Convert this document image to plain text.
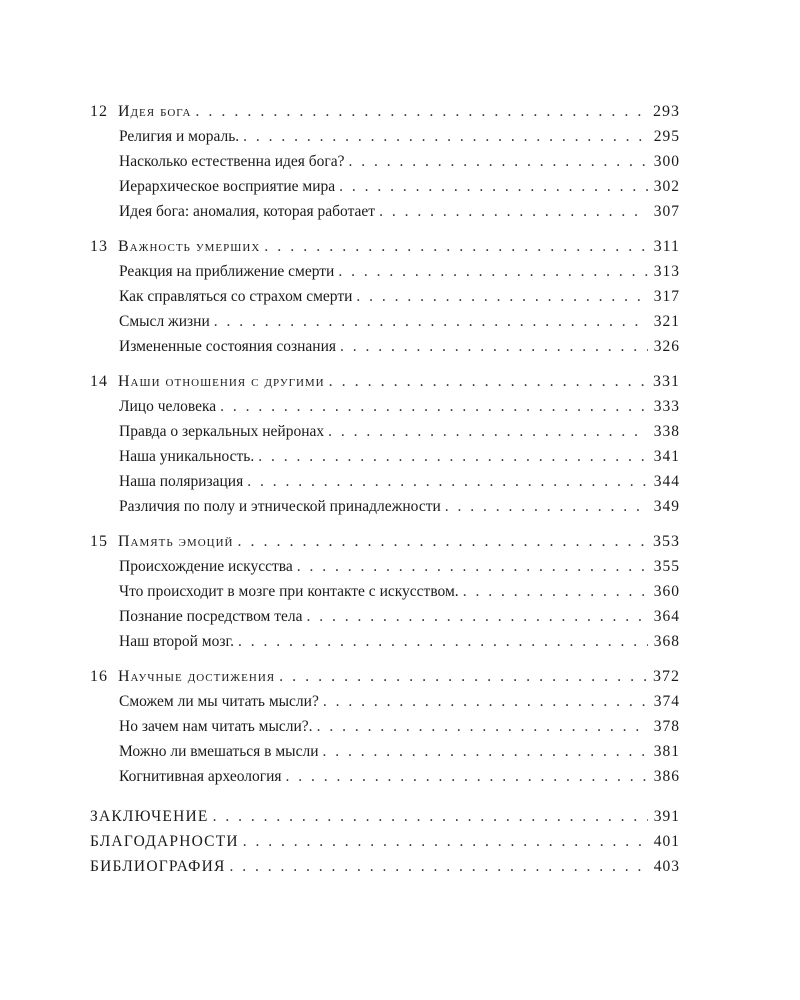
12 Идея бога . . .	293
Религия и мораль. . . .	295
Насколько естественна идея бога? . . .	300
Иерархическое восприятие мира . . .	302
Идея бога: аномалия, которая работает . . .	307
13 Важность умерших . . .	311
Реакция на приближение смерти . . .	313
Как справляться со страхом смерти . . .	317
Смысл жизни . . .	321
Измененные состояния сознания . . .	326
14 Наши отношения с другими . . .	331
Лицо человека . . .	333
Правда о зеркальных нейронах . . .	338
Наша уникальность. . . .	341
Наша поляризация . . .	344
Различия по полу и этнической принадлежности . . .	349
15 Память эмоций . . .	353
Происхождение искусства . . .	355
Что происходит в мозге при контакте с искусством. . . .	360
Познание посредством тела . . .	364
Наш второй мозг. . . .	368
16 Научные достижения . . .	372
Сможем ли мы читать мысли? . . .	374
Но зачем нам читать мысли?. . . .	378
Можно ли вмешаться в мысли . . .	381
Когнитивная археология . . .	386
ЗАКЛЮЧЕНИЕ . . .	391
БЛАГОДАРНОСТИ . . .	401
БИБЛИОГРАФИЯ . . .	403
